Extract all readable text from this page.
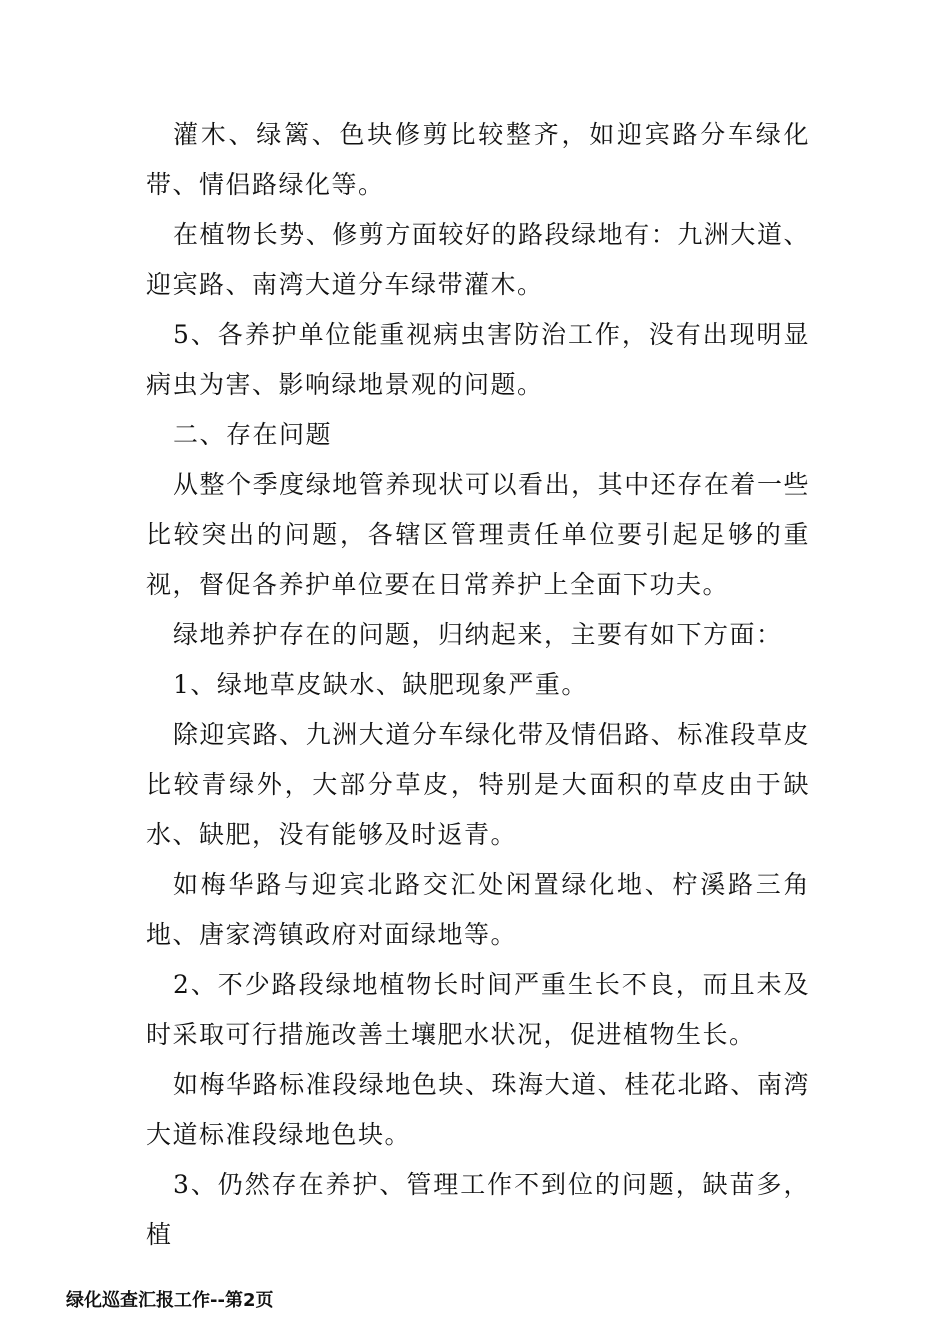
灌木、绿篱、色块修剪比较整齐，如迎宾路分车绿化带、情侣路绿化等。

在植物长势、修剪方面较好的路段绿地有：九洲大道、迎宾路、南湾大道分车绿带灌木。

5、各养护单位能重视病虫害防治工作，没有出现明显病虫为害、影响绿地景观的问题。

二、存在问题

从整个季度绿地管养现状可以看出，其中还存在着一些比较突出的问题，各辖区管理责任单位要引起足够的重视，督促各养护单位要在日常养护上全面下功夫。

绿地养护存在的问题，归纳起来，主要有如下方面：

1、绿地草皮缺水、缺肥现象严重。

除迎宾路、九洲大道分车绿化带及情侣路、标准段草皮比较青绿外，大部分草皮，特别是大面积的草皮由于缺水、缺肥，没有能够及时返青。

如梅华路与迎宾北路交汇处闲置绿化地、柠溪路三角地、唐家湾镇政府对面绿地等。

2、不少路段绿地植物长时间严重生长不良，而且未及时采取可行措施改善土壤肥水状况，促进植物生长。

如梅华路标准段绿地色块、珠海大道、桂花北路、南湾大道标准段绿地色块。

3、仍然存在养护、管理工作不到位的问题，缺苗多，植

绿化巡查汇报工作--第2页
